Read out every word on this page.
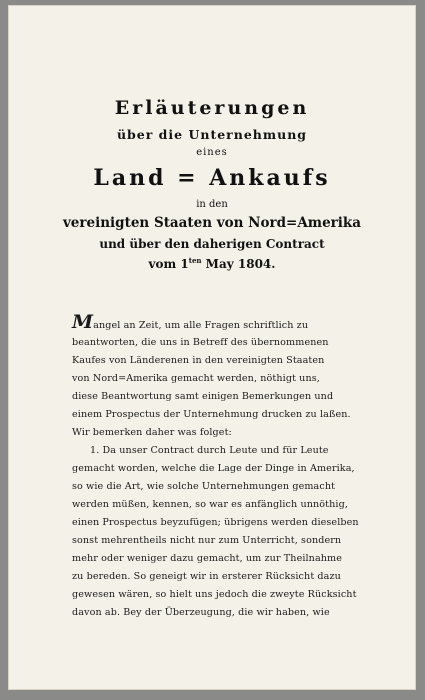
Erläuterungen
über die Unternehmung
eines
Land = Ankaufs
in den
vereinigten Staaten von Nord=Amerika
und über den daherigen Contract
vom $1^{ten}$ May 1804.
Mangel an Zeit, um alle Fragen schriftlich zu
beantworten, die uns in Betreff des übernommenen
Kaufes von Länderenen in den vereinigten Staaten
von Nord=Amerika gemacht werden, nöthigt uns,
diese Beantwortung samt einigen Bemerkungen und
einem Prospectus der Unternehmung drucken zu laßen.
Wir bemerken daher was folget:
1. Da unser Contract durch Leute und für Leute
gemacht worden, welche die Lage der Dinge in Amerika,
so wie die Art, wie solche Unternehmungen gemacht
werden müßen, kennen, so war es anfänglich unnöthig,
einen Prospectus beyzufügen; übrigens werden dieselben
sonst mehrentheils nicht nur zum Unterricht, sondern
mehr oder weniger dazu gemacht, um zur Theilnahme
zu bereden. So geneigt wir in ersterer Rücksicht dazu
gewesen wären, so hielt uns jedoch die zweyte Rücksicht
davon ab. Bey der Überzeugung, die wir haben, wie
